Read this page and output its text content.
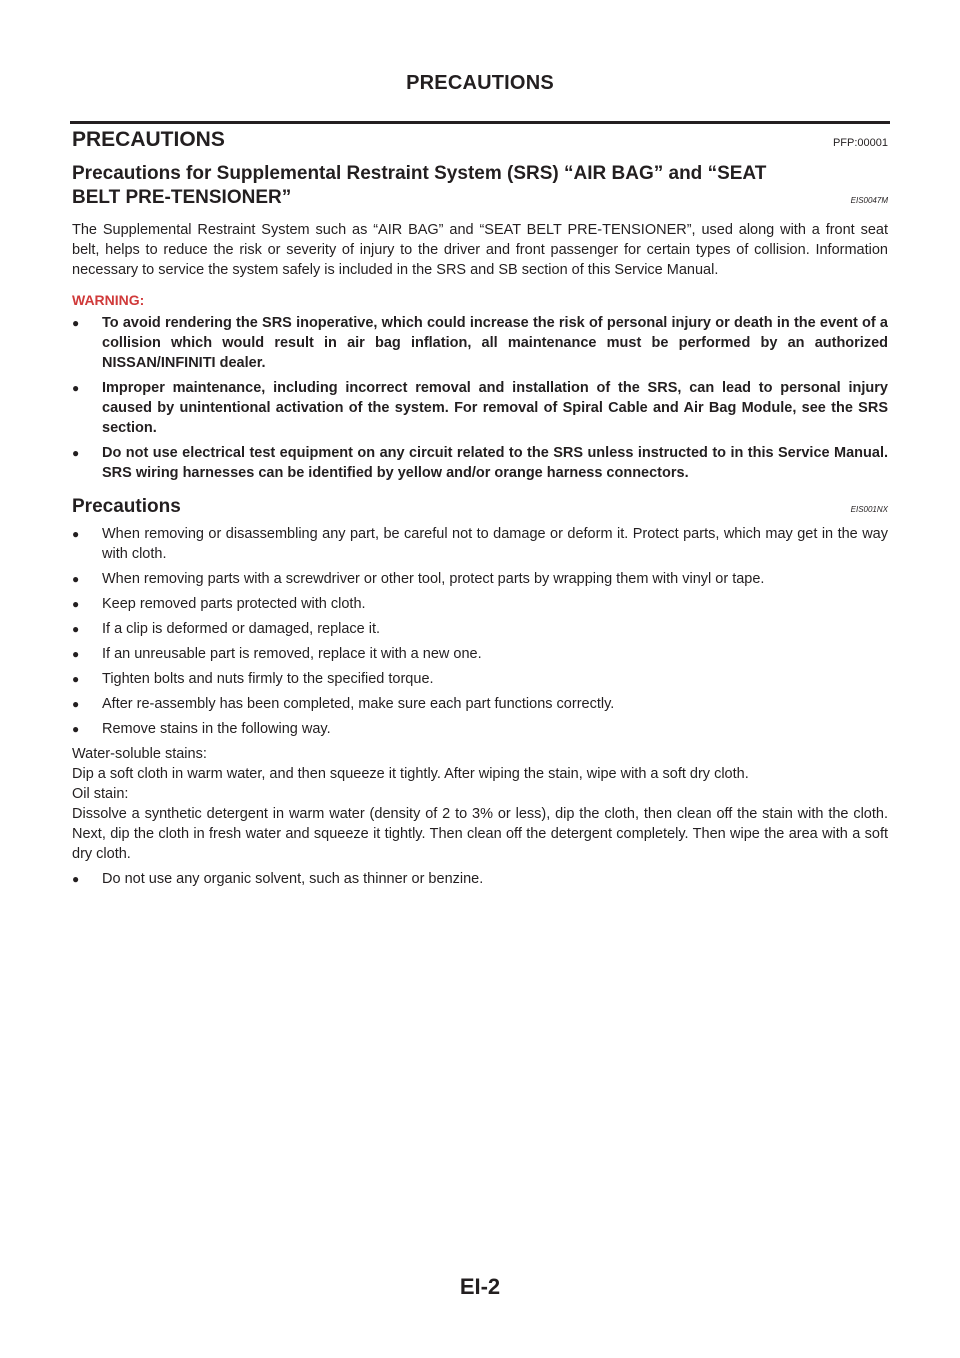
PRECAUTIONS
PRECAUTIONS	PFP:00001
Precautions for Supplemental Restraint System (SRS) “AIR BAG” and “SEAT
BELT PRE-TENSIONER”	EIS0047M

The Supplemental Restraint System such as “AIR BAG” and “SEAT BELT PRE-TENSIONER”, used along with a front seat belt, helps to reduce the risk or severity of injury to the driver and front passenger for certain types of collision. Information necessary to service the system safely is included in the SRS and SB section of this Service Manual.

WARNING:
● To avoid rendering the SRS inoperative, which could increase the risk of personal injury or death in the event of a collision which would result in air bag inflation, all maintenance must be performed by an authorized NISSAN/INFINITI dealer.
● Improper maintenance, including incorrect removal and installation of the SRS, can lead to personal injury caused by unintentional activation of the system. For removal of Spiral Cable and Air Bag Module, see the SRS section.
● Do not use electrical test equipment on any circuit related to the SRS unless instructed to in this Service Manual. SRS wiring harnesses can be identified by yellow and/or orange harness connectors.
Precautions	EIS001NX
● When removing or disassembling any part, be careful not to damage or deform it. Protect parts, which may get in the way with cloth.
● When removing parts with a screwdriver or other tool, protect parts by wrapping them with vinyl or tape.
● Keep removed parts protected with cloth.
● If a clip is deformed or damaged, replace it.
● If an unreusable part is removed, replace it with a new one.
● Tighten bolts and nuts firmly to the specified torque.
● After re-assembly has been completed, make sure each part functions correctly.
● Remove stains in the following way.
Water-soluble stains:
Dip a soft cloth in warm water, and then squeeze it tightly. After wiping the stain, wipe with a soft dry cloth.
Oil stain:
Dissolve a synthetic detergent in warm water (density of 2 to 3% or less), dip the cloth, then clean off the stain with the cloth. Next, dip the cloth in fresh water and squeeze it tightly. Then clean off the detergent completely. Then wipe the area with a soft dry cloth.
● Do not use any organic solvent, such as thinner or benzine.
EI-2
